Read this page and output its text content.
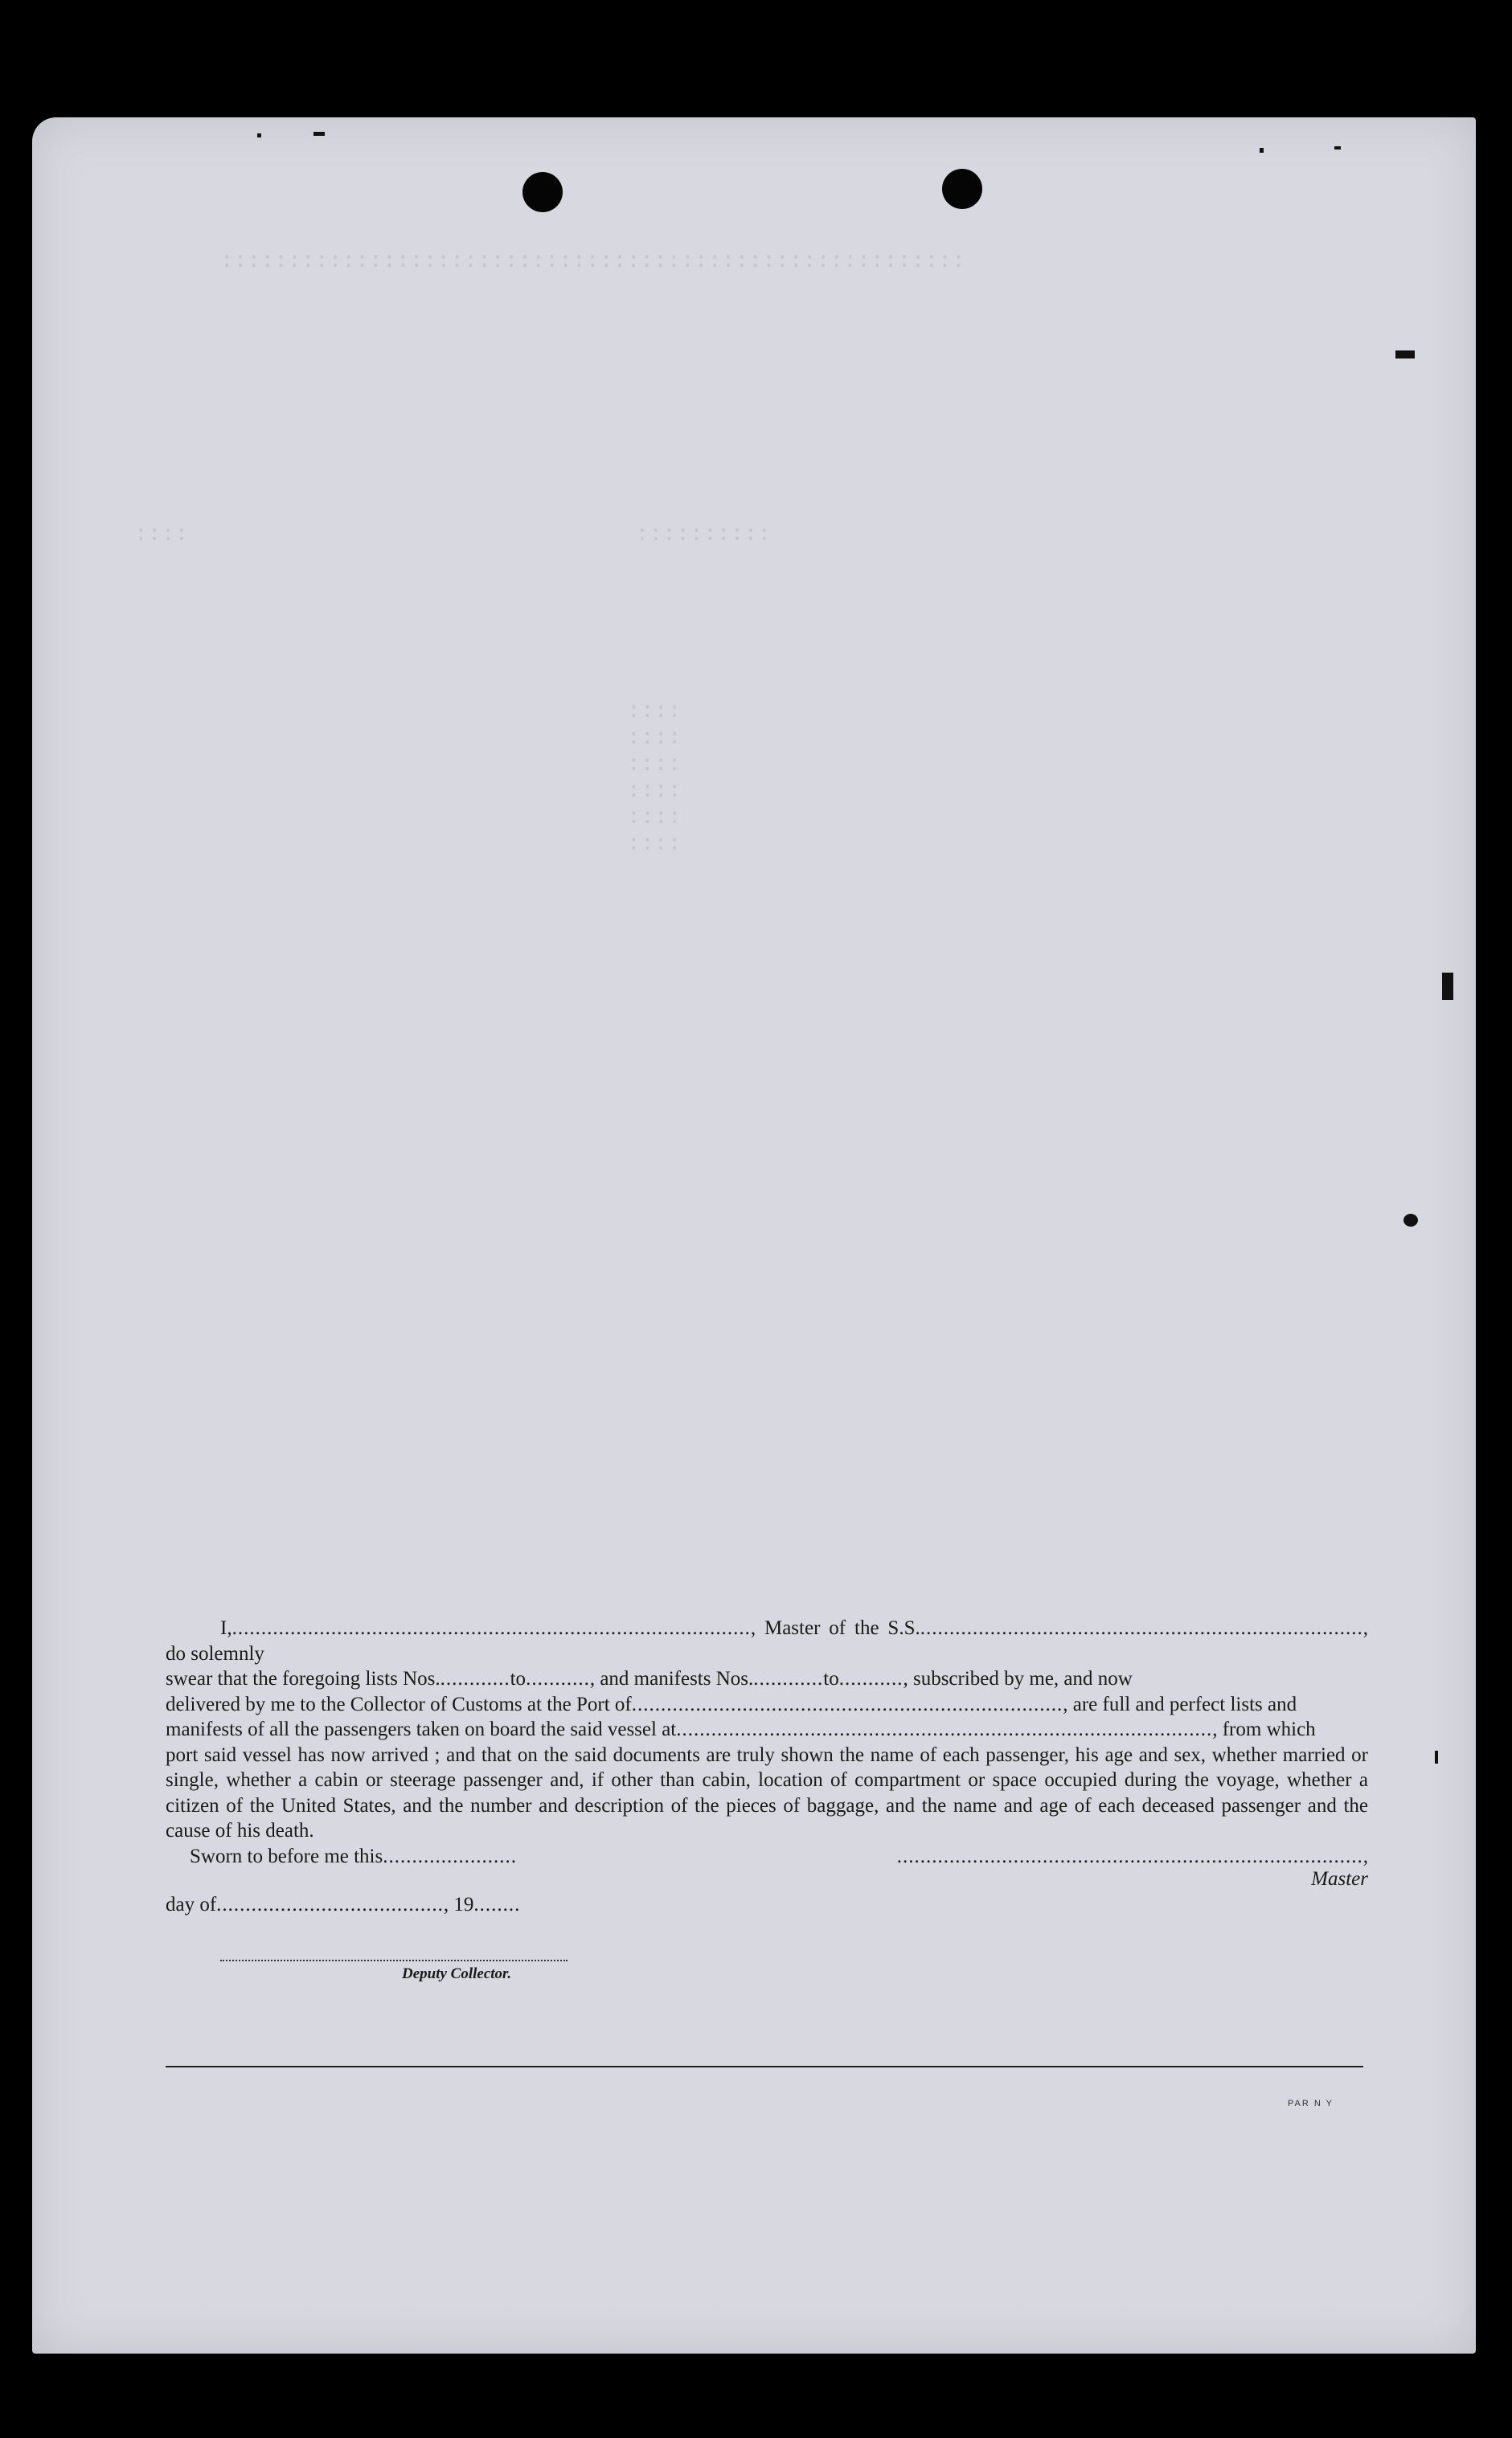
:::::::::::::::::::::::::::::::::::::::::::::::::::::::
::::                                 ::::::::::
::::
::::
::::
::::
::::
::::

I,........................................................................................., Master of the S.S............................................................................., do solemnly

swear that the foregoing lists Nos.............to..........., and manifests Nos.............to..........., subscribed by me, and now
delivered by me to the Collector of Customs at the Port of.........................................................................., are full and perfect lists and
manifests of all the passengers taken on board the said vessel at............................................................................................, from which
port said vessel has now arrived ; and that on the said documents are truly shown the name of each passenger, his age and sex, whether married or single, whether a cabin or steerage passenger and, if other than cabin, location of compartment or space occupied during the voyage, whether a citizen of the United States, and the number and description of the pieces of baggage, and the name and age of each deceased passenger and the cause of his death.
Sworn to before me this.......................	................................................................................, Master
day of......................................., 19........
Deputy Collector.
PAR N Y
